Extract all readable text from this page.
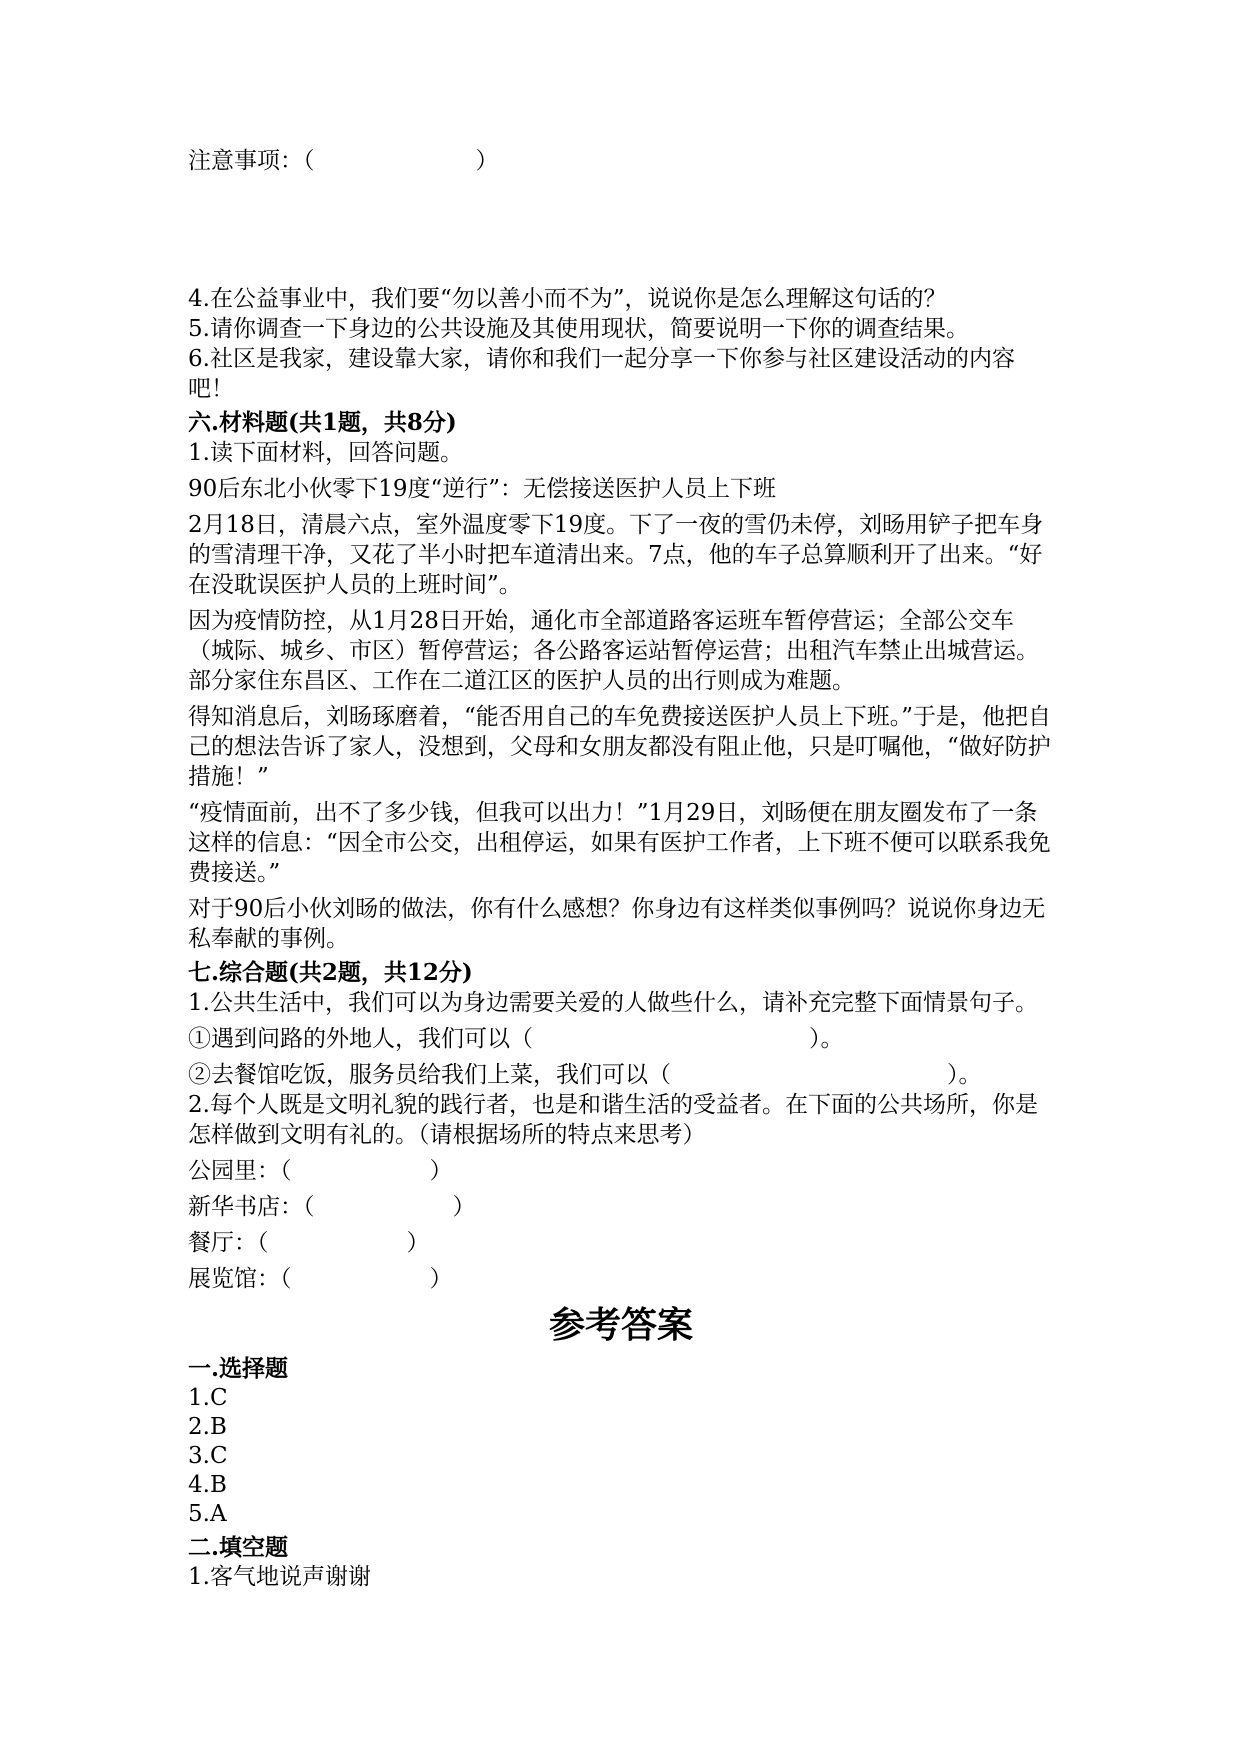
注意事项：（　　　　　　　）

4.在公益事业中，我们要“勿以善小而不为”，说说你是怎么理解这句话的？

5.请你调查一下身边的公共设施及其使用现状，简要说明一下你的调查结果。

6.社区是我家，建设靠大家，请你和我们一起分享一下你参与社区建设活动的内容吧！

六.材料题(共1题，共8分)

1.读下面材料，回答问题。

90后东北小伙零下19度“逆行”：无偿接送医护人员上下班

2月18日，清晨六点，室外温度零下19度。下了一夜的雪仍未停，刘旸用铲子把车身的雪清理干净，又花了半小时把车道清出来。7点，他的车子总算顺利开了出来。“好在没耽误医护人员的上班时间”。

因为疫情防控，从1月28日开始，通化市全部道路客运班车暂停营运；全部公交车（城际、城乡、市区）暂停营运；各公路客运站暂停运营；出租汽车禁止出城营运。部分家住东昌区、工作在二道江区的医护人员的出行则成为难题。

得知消息后，刘旸琢磨着，“能否用自己的车免费接送医护人员上下班。”于是，他把自己的想法告诉了家人，没想到，父母和女朋友都没有阻止他，只是叮嘱他，“做好防护措施！”

“疫情面前，出不了多少钱，但我可以出力！”1月29日，刘旸便在朋友圈发布了一条这样的信息：“因全市公交，出租停运，如果有医护工作者，上下班不便可以联系我免费接送。”

对于90后小伙刘旸的做法，你有什么感想？你身边有这样类似事例吗？说说你身边无私奉献的事例。

七.综合题(共2题，共12分)

1.公共生活中，我们可以为身边需要关爱的人做些什么，请补充完整下面情景句子。

①遇到问路的外地人，我们可以（　　　　　　　　　　　　）。

②去餐馆吃饭，服务员给我们上菜，我们可以（　　　　　　　　　　　　）。

2.每个人既是文明礼貌的践行者，也是和谐生活的受益者。在下面的公共场所，你是怎样做到文明有礼的。（请根据场所的特点来思考）

公园里：（　　　　　　）

新华书店：（　　　　　　）

餐厅：（　　　　　　）

展览馆：（　　　　　　）

参考答案

一.选择题

1.C

2.B

3.C

4.B

5.A

二.填空题

1.客气地说声谢谢
